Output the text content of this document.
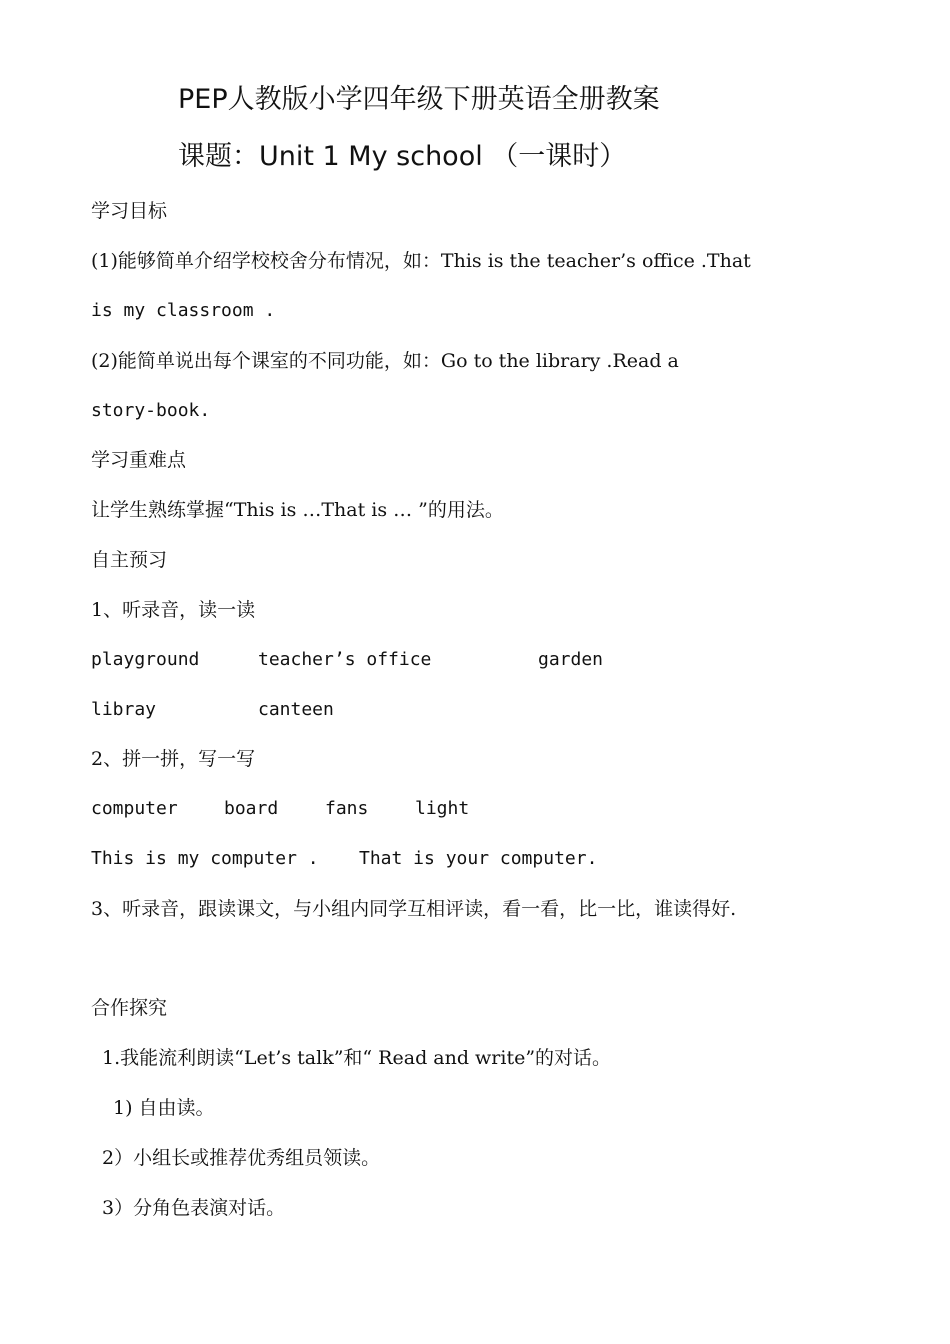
PEP人教版小学四年级下册英语全册教案
课题：Unit 1 My school （一课时）
学习目标
(1)能够简单介绍学校校舍分布情况，如：This is the teacher’s office .That
is my classroom .
(2)能简单说出每个课室的不同功能，如：Go to the library .Read a
story-book.
学习重难点
让学生熟练掌握“This is …That is … ”的用法。
自主预习
1、听录音，读一读
playground	teacher’s office	garden
libray	canteen
2、拼一拼，写一写
computer	board	fans	light
This is my computer . That is your computer.
3、听录音，跟读课文，与小组内同学互相评读，看一看，比一比，谁读得好.
合作探究
1.我能流利朗读“Let’s talk”和“ Read and write”的对话。
1) 自由读。
2）小组长或推荐优秀组员领读。
3）分角色表演对话。
